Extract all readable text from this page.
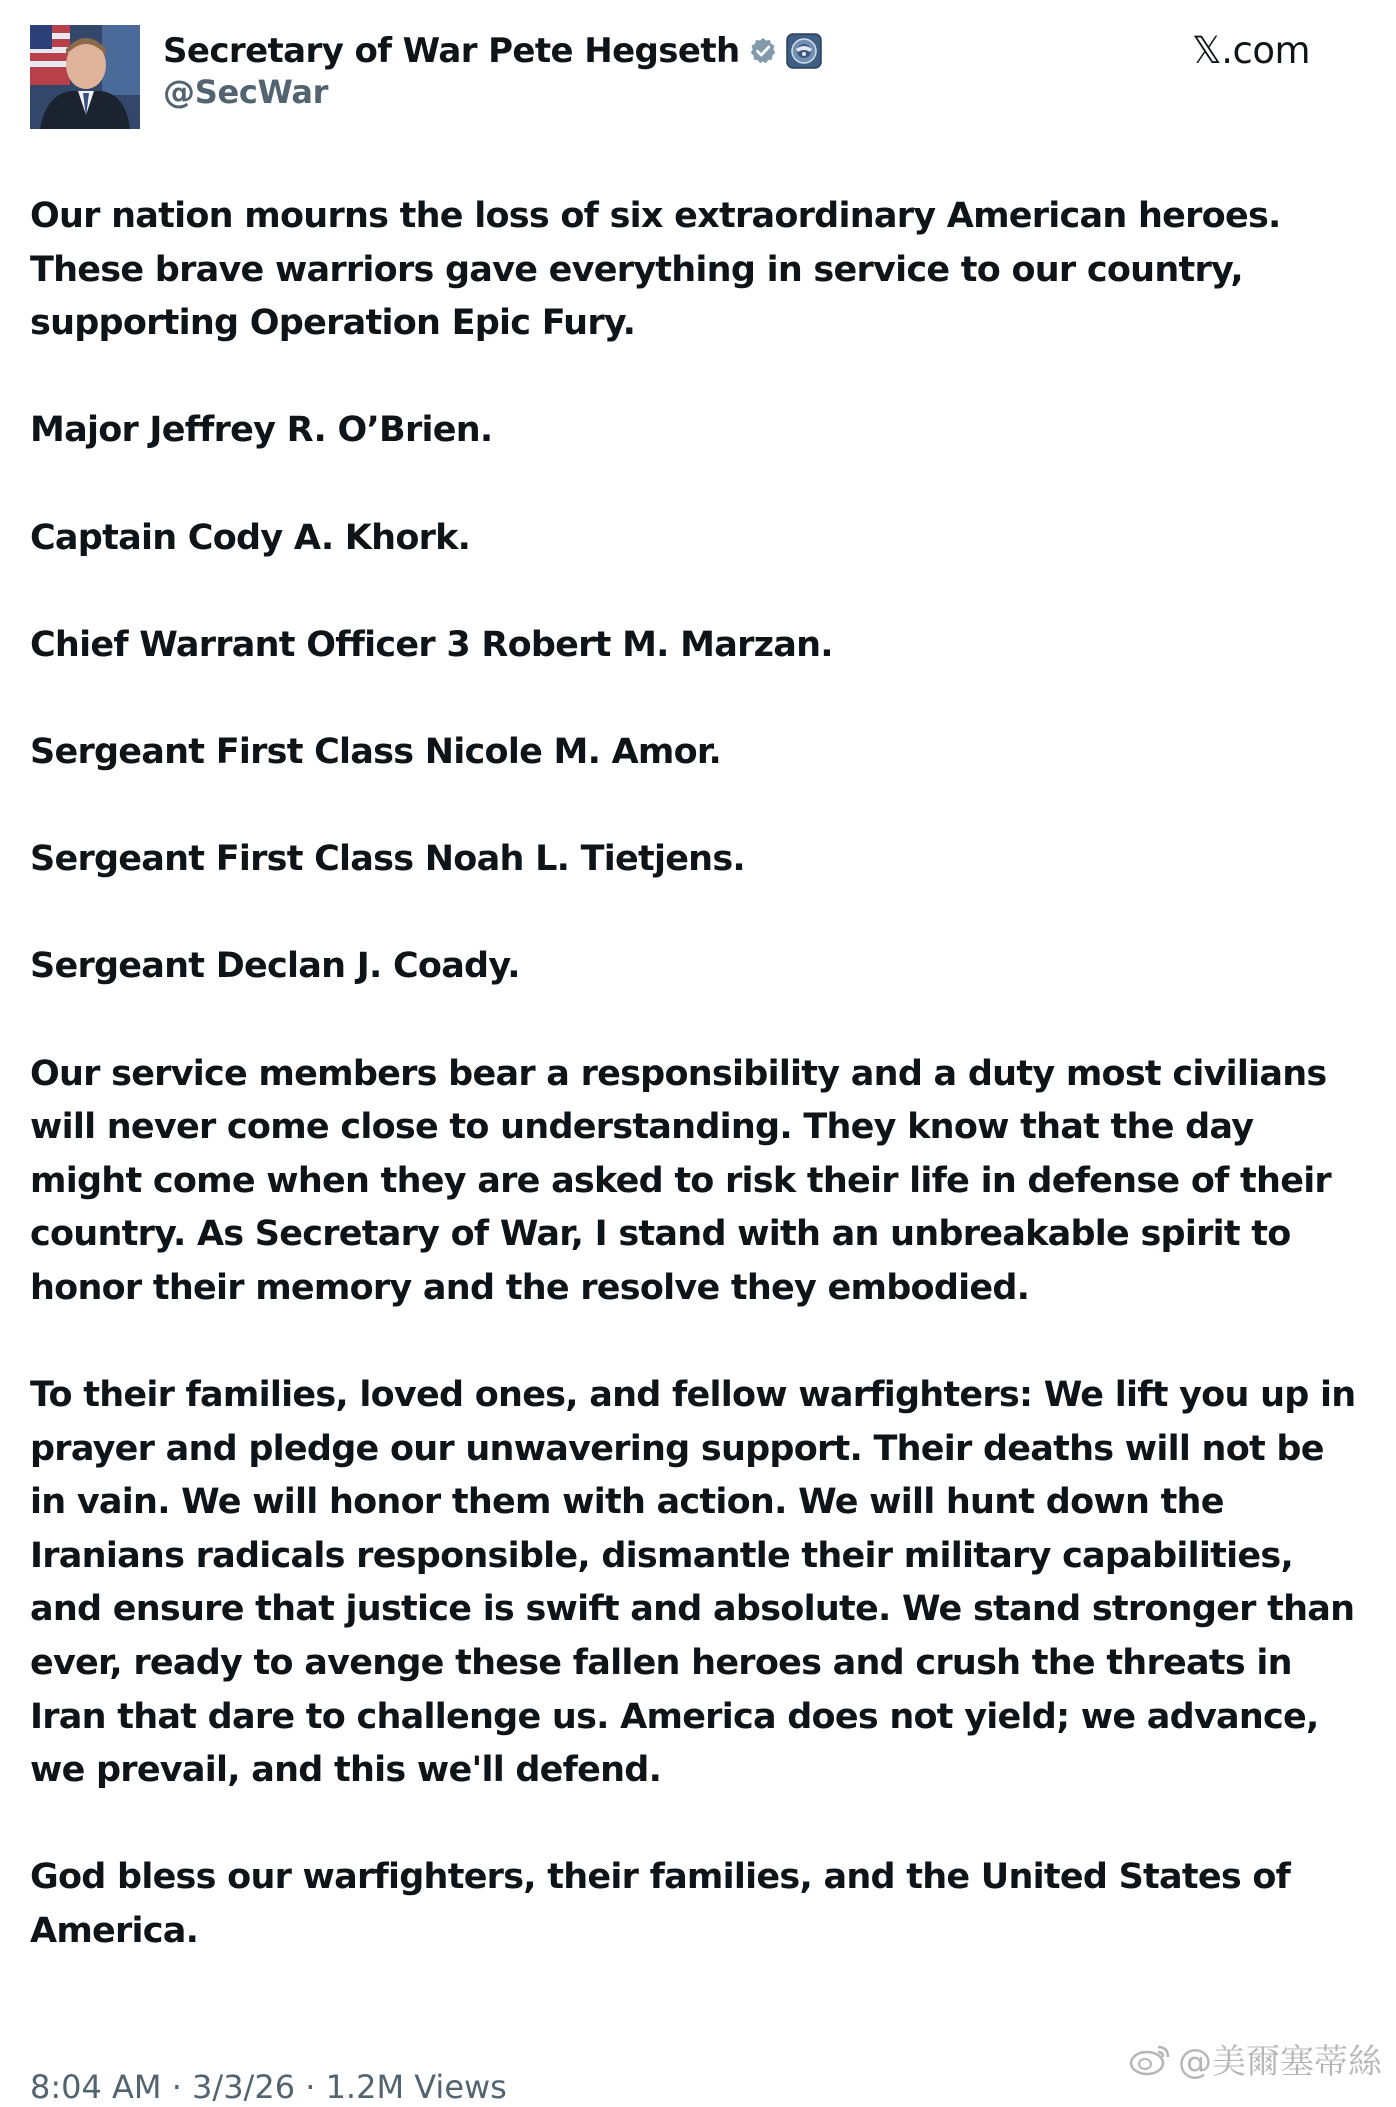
Secretary of War Pete Hegseth
@SecWar
𝕏.com

Our nation mourns the loss of six extraordinary American heroes. These brave warriors gave everything in service to our country, supporting Operation Epic Fury.

Major Jeffrey R. O’Brien.

Captain Cody A. Khork.

Chief Warrant Officer 3 Robert M. Marzan.

Sergeant First Class Nicole M. Amor.

Sergeant First Class Noah L. Tietjens.

Sergeant Declan J. Coady.

Our service members bear a responsibility and a duty most civilians will never come close to understanding. They know that the day might come when they are asked to risk their life in defense of their country. As Secretary of War, I stand with an unbreakable spirit to honor their memory and the resolve they embodied.

To their families, loved ones, and fellow warfighters: We lift you up in prayer and pledge our unwavering support. Their deaths will not be in vain. We will honor them with action. We will hunt down the Iranians radicals responsible, dismantle their military capabilities, and ensure that justice is swift and absolute. We stand stronger than ever, ready to avenge these fallen heroes and crush the threats in Iran that dare to challenge us. America does not yield; we advance, we prevail, and this we'll defend.

God bless our warfighters, their families, and the United States of America.

8:04 AM · 3/3/26 · 1.2M Views
@美爾塞蒂絲
